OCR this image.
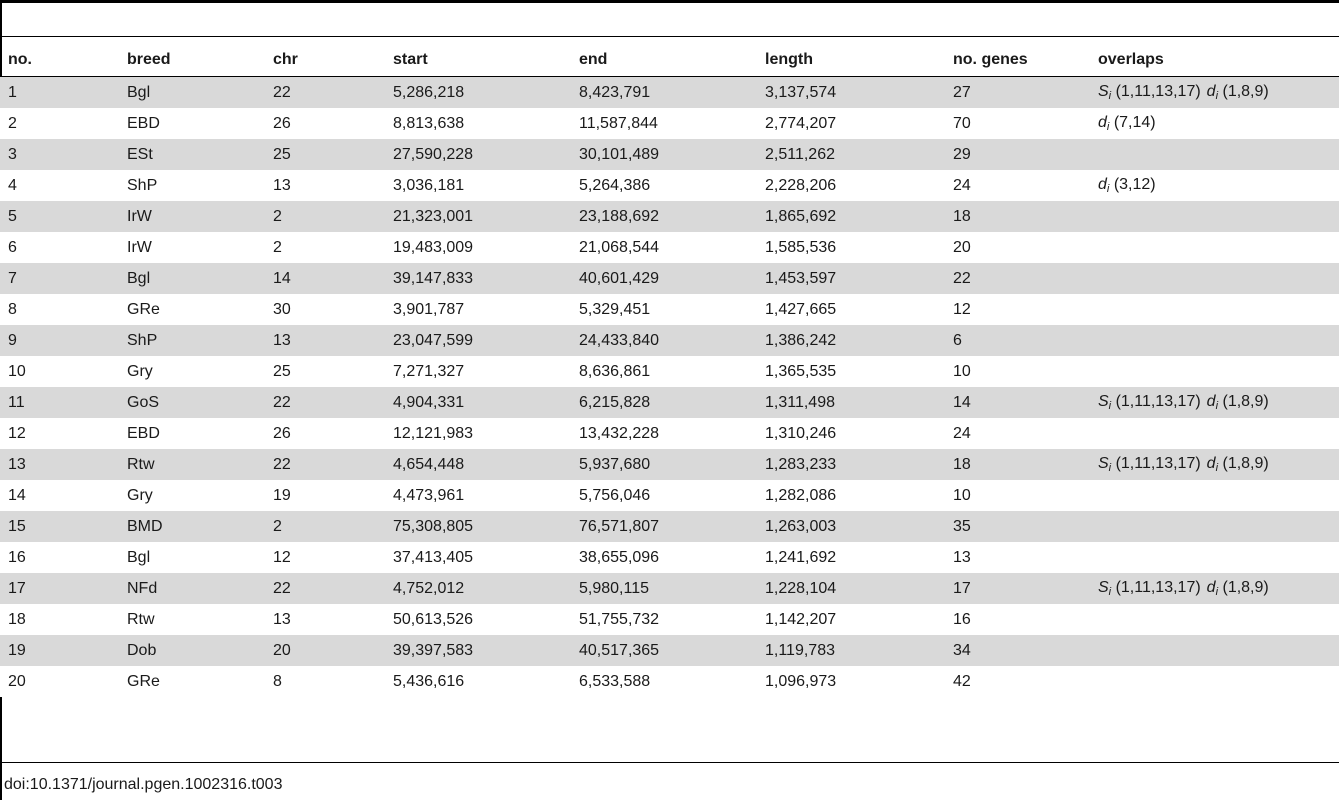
no.	breed	chr	start	end	length	no. genes	overlaps
1	Bgl	22	5,286,218	8,423,791	3,137,574	27	$S_i$ (1,11,13,17) $d_i$ (1,8,9)
2	EBD	26	8,813,638	11,587,844	2,774,207	70	$d_i$ (7,14)
3	ESt	25	27,590,228	30,101,489	2,511,262	29	
4	ShP	13	3,036,181	5,264,386	2,228,206	24	$d_i$ (3,12)
5	IrW	2	21,323,001	23,188,692	1,865,692	18	
6	IrW	2	19,483,009	21,068,544	1,585,536	20	
7	Bgl	14	39,147,833	40,601,429	1,453,597	22	
8	GRe	30	3,901,787	5,329,451	1,427,665	12	
9	ShP	13	23,047,599	24,433,840	1,386,242	6	
10	Gry	25	7,271,327	8,636,861	1,365,535	10	
11	GoS	22	4,904,331	6,215,828	1,311,498	14	$S_i$ (1,11,13,17) $d_i$ (1,8,9)
12	EBD	26	12,121,983	13,432,228	1,310,246	24	
13	Rtw	22	4,654,448	5,937,680	1,283,233	18	$S_i$ (1,11,13,17) $d_i$ (1,8,9)
14	Gry	19	4,473,961	5,756,046	1,282,086	10	
15	BMD	2	75,308,805	76,571,807	1,263,003	35	
16	Bgl	12	37,413,405	38,655,096	1,241,692	13	
17	NFd	22	4,752,012	5,980,115	1,228,104	17	$S_i$ (1,11,13,17) $d_i$ (1,8,9)
18	Rtw	13	50,613,526	51,755,732	1,142,207	16	
19	Dob	20	39,397,583	40,517,365	1,119,783	34	
20	GRe	8	5,436,616	6,533,588	1,096,973	42	
doi:10.1371/journal.pgen.1002316.t003
